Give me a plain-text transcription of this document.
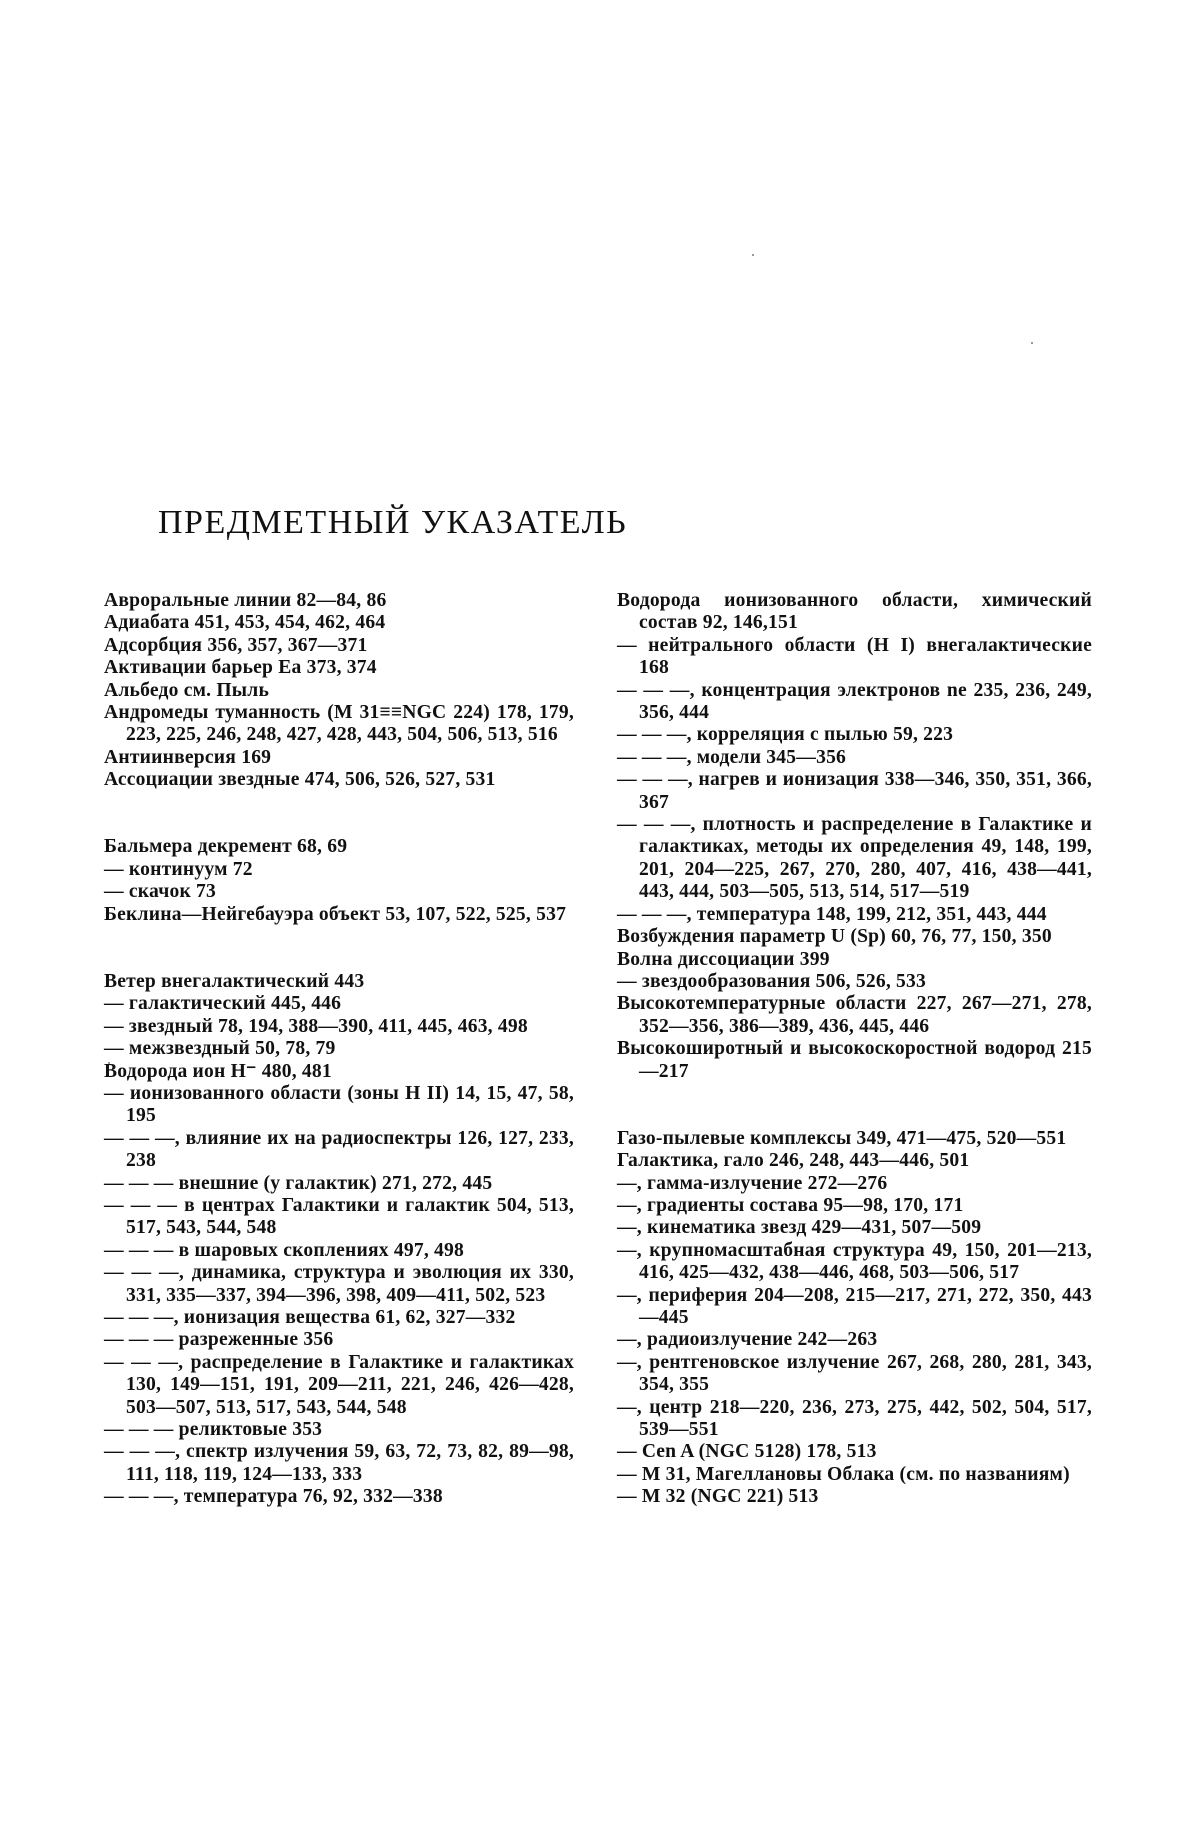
ПРЕДМЕТНЫЙ УКАЗАТЕЛЬ
Авроральные линии 82—84, 86
Адиабата 451, 453, 454, 462, 464
Адсорбция 356, 357, 367—371
Активации барьер Ea 373, 374
Альбедо см. Пыль
Андромеды туманность (M 31≡≡NGC 224) 178, 179, 223, 225, 246, 248, 427, 428, 443, 504, 506, 513, 516
Антиинверсия 169
Ассоциации звездные 474, 506, 526, 527, 531
Бальмера декремент 68, 69
— континуум 72
— скачок 73
Беклина—Нейгебауэра объект 53, 107, 522, 525, 537
Ветер внегалактический 443
— галактический 445, 446
— звездный 78, 194, 388—390, 411, 445, 463, 498
— межзвездный 50, 78, 79
Водорода ион H⁻ 480, 481
— ионизованного области (зоны H II) 14, 15, 47, 58, 195
— — —, влияние их на радиоспектры 126, 127, 233, 238
— — — внешние (у галактик) 271, 272, 445
— — — в центрах Галактики и галактик 504, 513, 517, 543, 544, 548
— — — в шаровых скоплениях 497, 498
— — —, динамика, структура и эволюция их 330, 331, 335—337, 394—396, 398, 409—411, 502, 523
— — —, ионизация вещества 61, 62, 327—332
— — — разреженные 356
— — —, распределение в Галактике и галактиках 130, 149—151, 191, 209—211, 221, 246, 426—428, 503—507, 513, 517, 543, 544, 548
— — — реликтовые 353
— — —, спектр излучения 59, 63, 72, 73, 82, 89—98, 111, 118, 119, 124—133, 333
— — —, температура 76, 92, 332—338
Водорода ионизованного области, химический состав 92, 146,151
— нейтрального области (H I) внегалактические 168
— — —, концентрация электронов ne 235, 236, 249, 356, 444
— — —, корреляция с пылью 59, 223
— — —, модели 345—356
— — —, нагрев и ионизация 338—346, 350, 351, 366, 367
— — —, плотность и распределение в Галактике и галактиках, методы их определения 49, 148, 199, 201, 204—225, 267, 270, 280, 407, 416, 438—441, 443, 444, 503—505, 513, 514, 517—519
— — —, температура 148, 199, 212, 351, 443, 444
Возбуждения параметр U (Sp) 60, 76, 77, 150, 350
Волна диссоциации 399
— звездообразования 506, 526, 533
Высокотемпературные области 227, 267—271, 278, 352—356, 386—389, 436, 445, 446
Высокоширотный и высокоскоростной водород 215—217
Газо-пылевые комплексы 349, 471—475, 520—551
Галактика, гало 246, 248, 443—446, 501
—, гамма-излучение 272—276
—, градиенты состава 95—98, 170, 171
—, кинематика звезд 429—431, 507—509
—, крупномасштабная структура 49, 150, 201—213, 416, 425—432, 438—446, 468, 503—506, 517
—, периферия 204—208, 215—217, 271, 272, 350, 443—445
—, радиоизлучение 242—263
—, рентгеновское излучение 267, 268, 280, 281, 343, 354, 355
—, центр 218—220, 236, 273, 275, 442, 502, 504, 517, 539—551
— Cen A (NGC 5128) 178, 513
— M 31, Магеллановы Облака (см. по названиям)
— M 32 (NGC 221) 513
